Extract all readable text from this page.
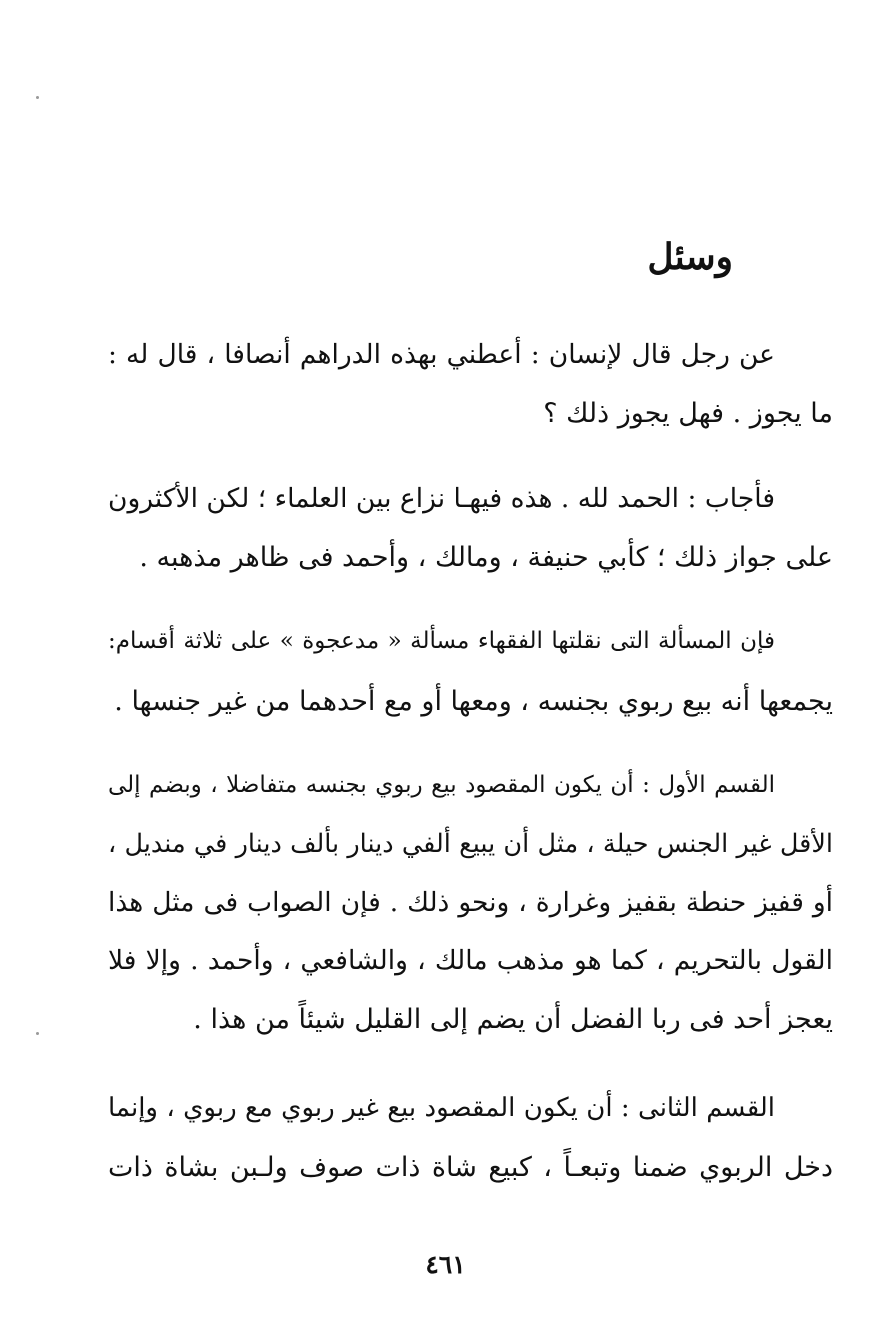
وسئل
عن رجل قال لإنسان : أعطني بهذه الدراهم أنصافا ، قال له :
ما يجوز . فهل يجوز ذلك ؟
فأجاب : الحمد لله . هذه فيهـا نزاع بين العلماء ؛ لكن الأكثرون
على جواز ذلك ؛ كأبي حنيفة ، ومالك ، وأحمد فى ظاهر مذهبه .
فإن المسألة التى نقلتها الفقهاء مسألة « مدعجوة » على ثلاثة أقسام:
يجمعها أنه بيع ربوي بجنسه ، ومعها أو مع أحدهما من غير جنسها .
القسم الأول : أن يكون المقصود بيع ربوي بجنسه متفاضلا ، وبضم إلى
الأقل غير الجنس حيلة ، مثل أن يبيع ألفي دينار بألف دينار في منديل ،
أو قفيز حنطة بقفيز وغرارة ، ونحو ذلك . فإن الصواب فى مثل هذا
القول بالتحريم ، كما هو مذهب مالك ، والشافعي ، وأحمد . وإلا فلا
يعجز أحد فى ربا الفضل أن يضم إلى القليل شيئاً من هذا .
القسم الثانى : أن يكون المقصود بيع غير ربوي مع ربوي ، وإنما
دخل الربوي ضمنا وتبعـاً ، كبيع شاة ذات صوف ولـبن بشاة ذات
٤٦١
